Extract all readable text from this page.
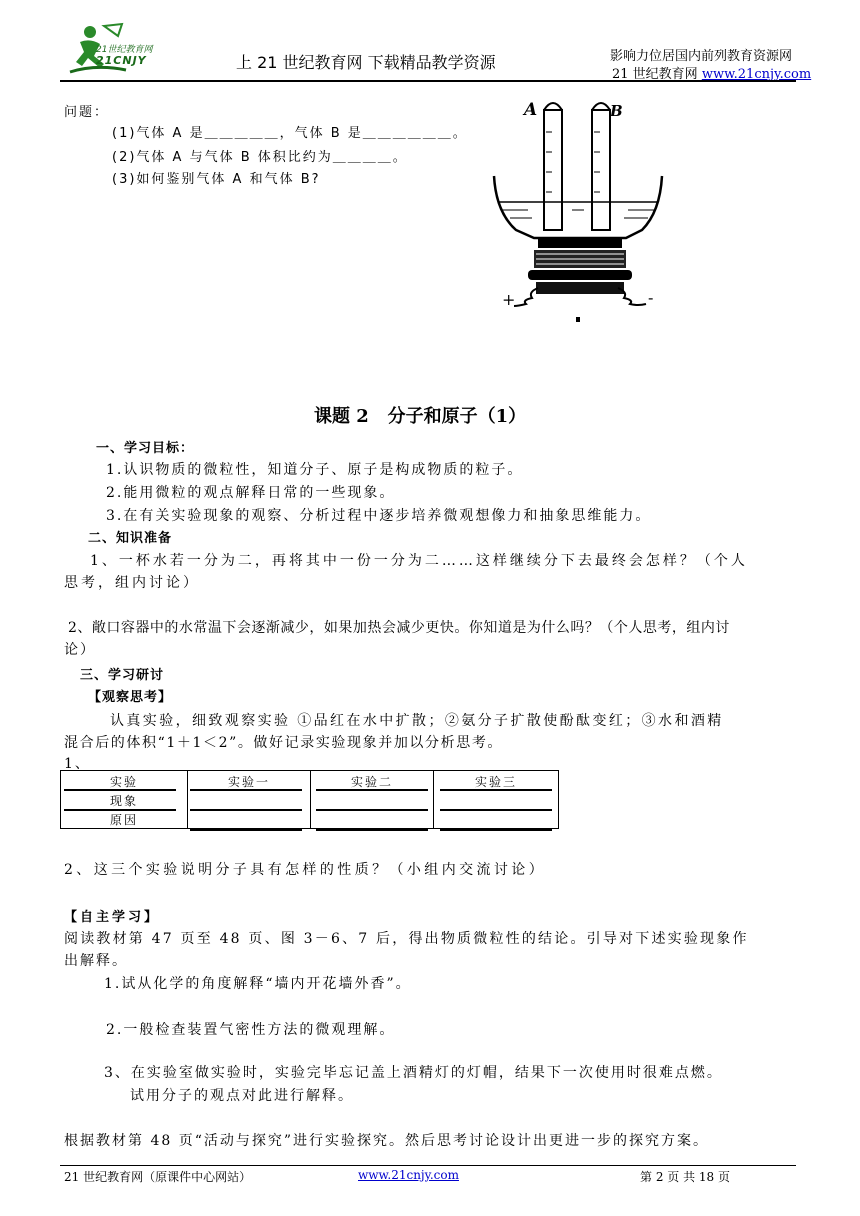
21世纪教育网
21CNJY	上 21 世纪教育网 下载精品教学资源	影响力位居国内前列教育资源网
21 世纪教育网 www.21cnjy.com
问题：
(1)气体 A 是＿＿＿＿＿，气体 B 是＿＿＿＿＿＿。
(2)气体 A 与气体 B 体积比约为＿＿＿＿。
(3)如何鉴别气体 A 和气体 B?
A	B
+	-
课题 2   分子和原子（1）
一、学习目标：
1.认识物质的微粒性，知道分子、原子是构成物质的粒子。
2.能用微粒的观点解释日常的一些现象。
3.在有关实验现象的观察、分析过程中逐步培养微观想像力和抽象思维能力。
二、知识准备
1、一杯水若一分为二，再将其中一份一分为二……这样继续分下去最终会怎样？（个人
思考，组内讨论）
2、敞口容器中的水常温下会逐渐减少，如果加热会减少更快。你知道是为什么吗？（个人思考，组内讨
论）
三、学习研讨
【观察思考】
认真实验，细致观察实验 ①品红在水中扩散；②氨分子扩散使酚酞变红；③水和酒精
混合后的体积“1＋1＜2”。做好记录实验现象并加以分析思考。
1、
实验	实验一	实验二	实验三
现象			
原因			
2、这三个实验说明分子具有怎样的性质？（小组内交流讨论）
【自主学习】
阅读教材第 47 页至 48 页、图 3－6、7 后，得出物质微粒性的结论。引导对下述实验现象作
出解释。
1.试从化学的角度解释“墙内开花墙外香”。
2.一般检查装置气密性方法的微观理解。
3、在实验室做实验时，实验完毕忘记盖上酒精灯的灯帽，结果下一次使用时很难点燃。
试用分子的观点对此进行解释。
根据教材第 48 页“活动与探究”进行实验探究。然后思考讨论设计出更进一步的探究方案。
21 世纪教育网（原课件中心网站）	www.21cnjy.com	第 2 页 共 18 页
